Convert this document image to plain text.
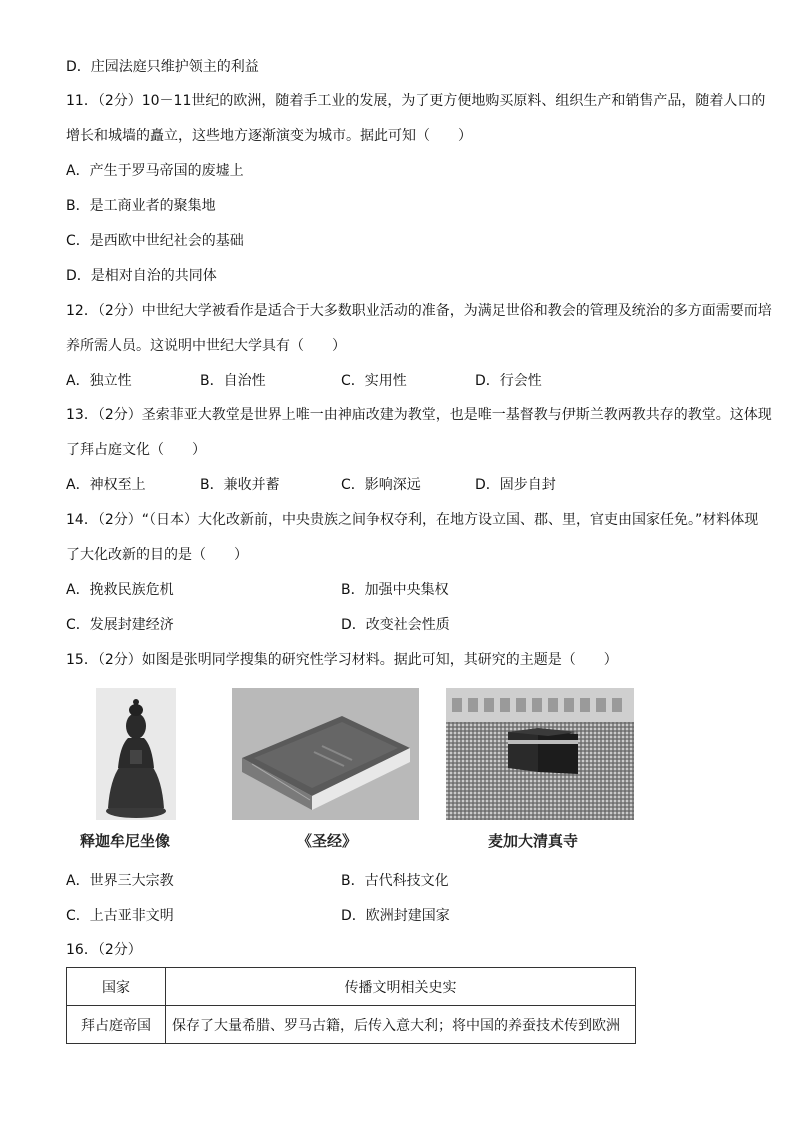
D．庄园法庭只维护领主的利益
11．（2分）10－11世纪的欧洲，随着手工业的发展，为了更方便地购买原料、组织生产和销售产品，随着人口的
增长和城墙的矗立，这些地方逐渐演变为城市。据此可知（　　）
A．产生于罗马帝国的废墟上
B．是工商业者的聚集地
C．是西欧中世纪社会的基础
D．是相对自治的共同体
12．（2分）中世纪大学被看作是适合于大多数职业活动的准备，为满足世俗和教会的管理及统治的多方面需要而培
养所需人员。这说明中世纪大学具有（　　）
A．独立性	B．自治性	C．实用性	D．行会性
13．（2分）圣索菲亚大教堂是世界上唯一由神庙改建为教堂，也是唯一基督教与伊斯兰教两教共存的教堂。这体现
了拜占庭文化（　　）
A．神权至上	B．兼收并蓄	C．影响深远	D．固步自封
14．（2分）“（日本）大化改新前，中央贵族之间争权夺利，在地方设立国、郡、里，官吏由国家任免。”材料体现
了大化改新的目的是（　　）
A．挽救民族危机	B．加强中央集权
C．发展封建经济	D．改变社会性质
15．（2分）如图是张明同学搜集的研究性学习材料。据此可知，其研究的主题是（　　）
释迦牟尼坐像	《圣经》	麦加大清真寺
A．世界三大宗教	B．古代科技文化
C．上古亚非文明	D．欧洲封建国家
16．（2分）
国家	传播文明相关史实
拜占庭帝国	保存了大量希腊、罗马古籍，后传入意大利；将中国的养蚕技术传到欧洲
